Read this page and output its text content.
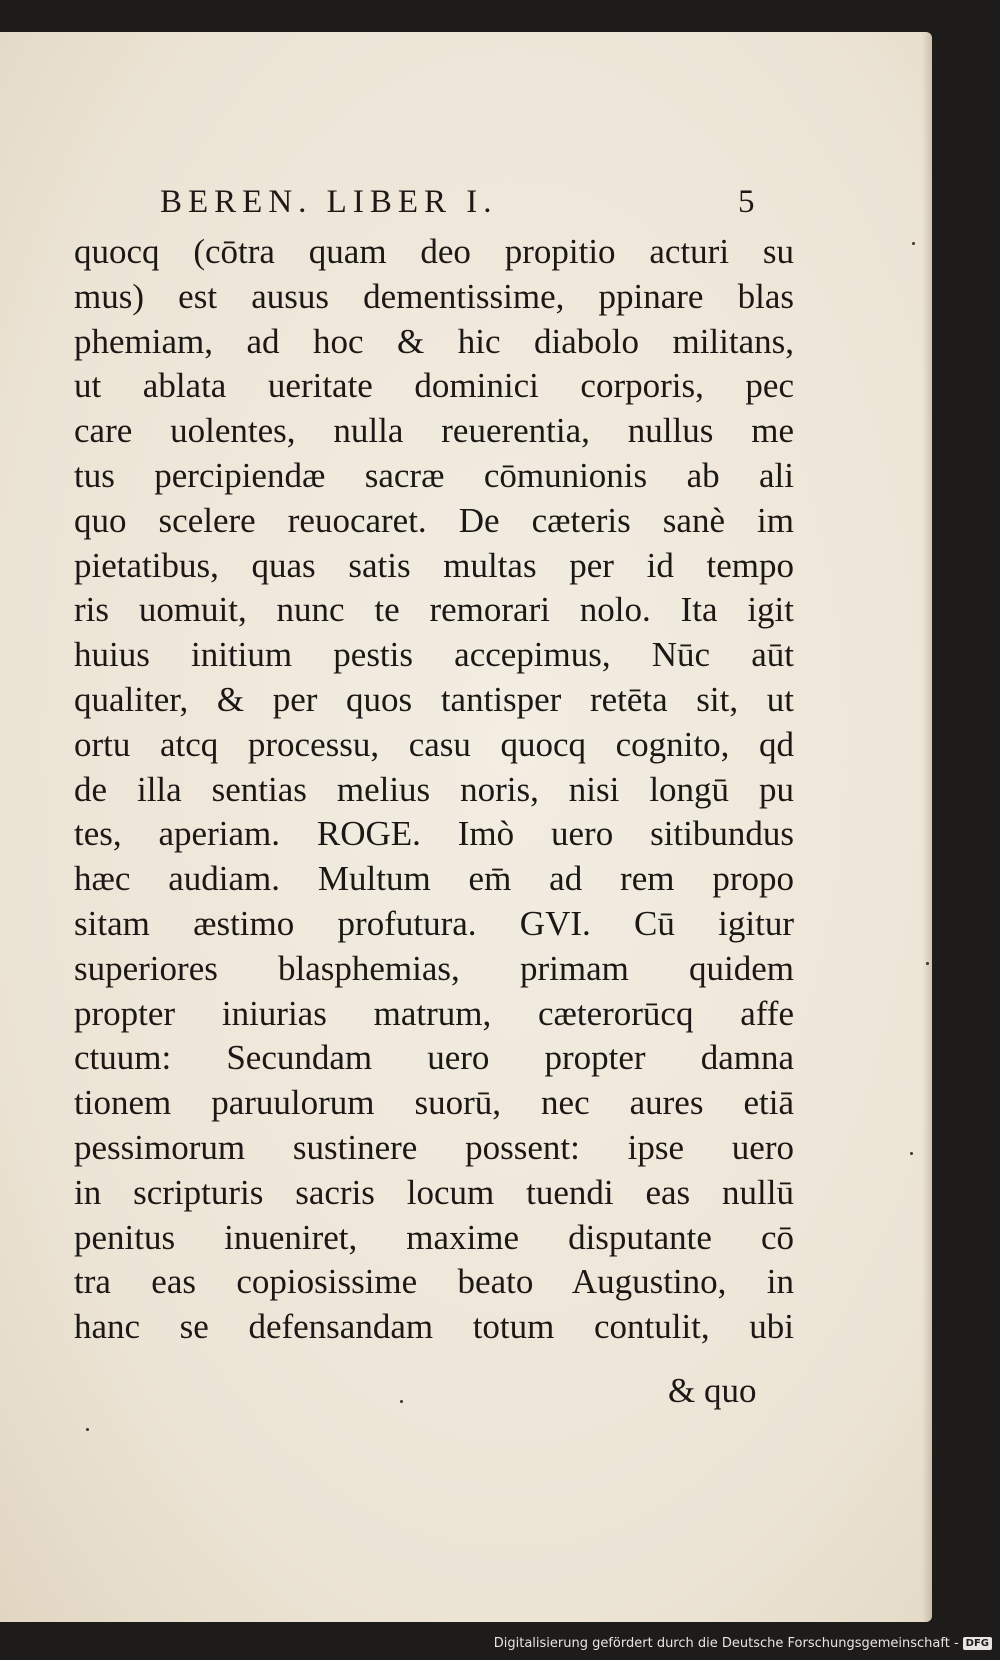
BEREN. LIBER I.	5
quocq (cōtra quam deo propitio acturi su
mus) est ausus dementissime, ppinare blas
phemiam, ad hoc & hic diabolo militans,
ut ablata ueritate dominici corporis, pec
care uolentes, nulla reuerentia, nullus me
tus percipiendæ sacræ cōmunionis ab ali
quo scelere reuocaret. De cæteris sanè im
pietatibus, quas satis multas per id tempo
ris uomuit, nunc te remorari nolo. Ita igit
huius initium pestis accepimus, Nūc aūt
qualiter, & per quos tantisper retēta sit, ut
ortu atcq processu, casu quocq cognito, qd
de illa sentias melius noris, nisi longū pu
tes, aperiam. ROGE. Imò uero sitibundus
hæc audiam. Multum em̄ ad rem propo
sitam æstimo profutura. GVI. Cū igitur
superiores blasphemias, primam quidem
propter iniurias matrum, cæterorūcq affe
ctuum: Secundam uero propter damna
tionem paruulorum suorū, nec aures etiā
pessimorum sustinere possent: ipse uero
in scripturis sacris locum tuendi eas nullū
penitus inueniret, maxime disputante cō
tra eas copiosissime beato Augustino, in
hanc se defensandam totum contulit, ubi
& quo
Digitalisierung gefördert durch die Deutsche Forschungsgemeinschaft - DFG
